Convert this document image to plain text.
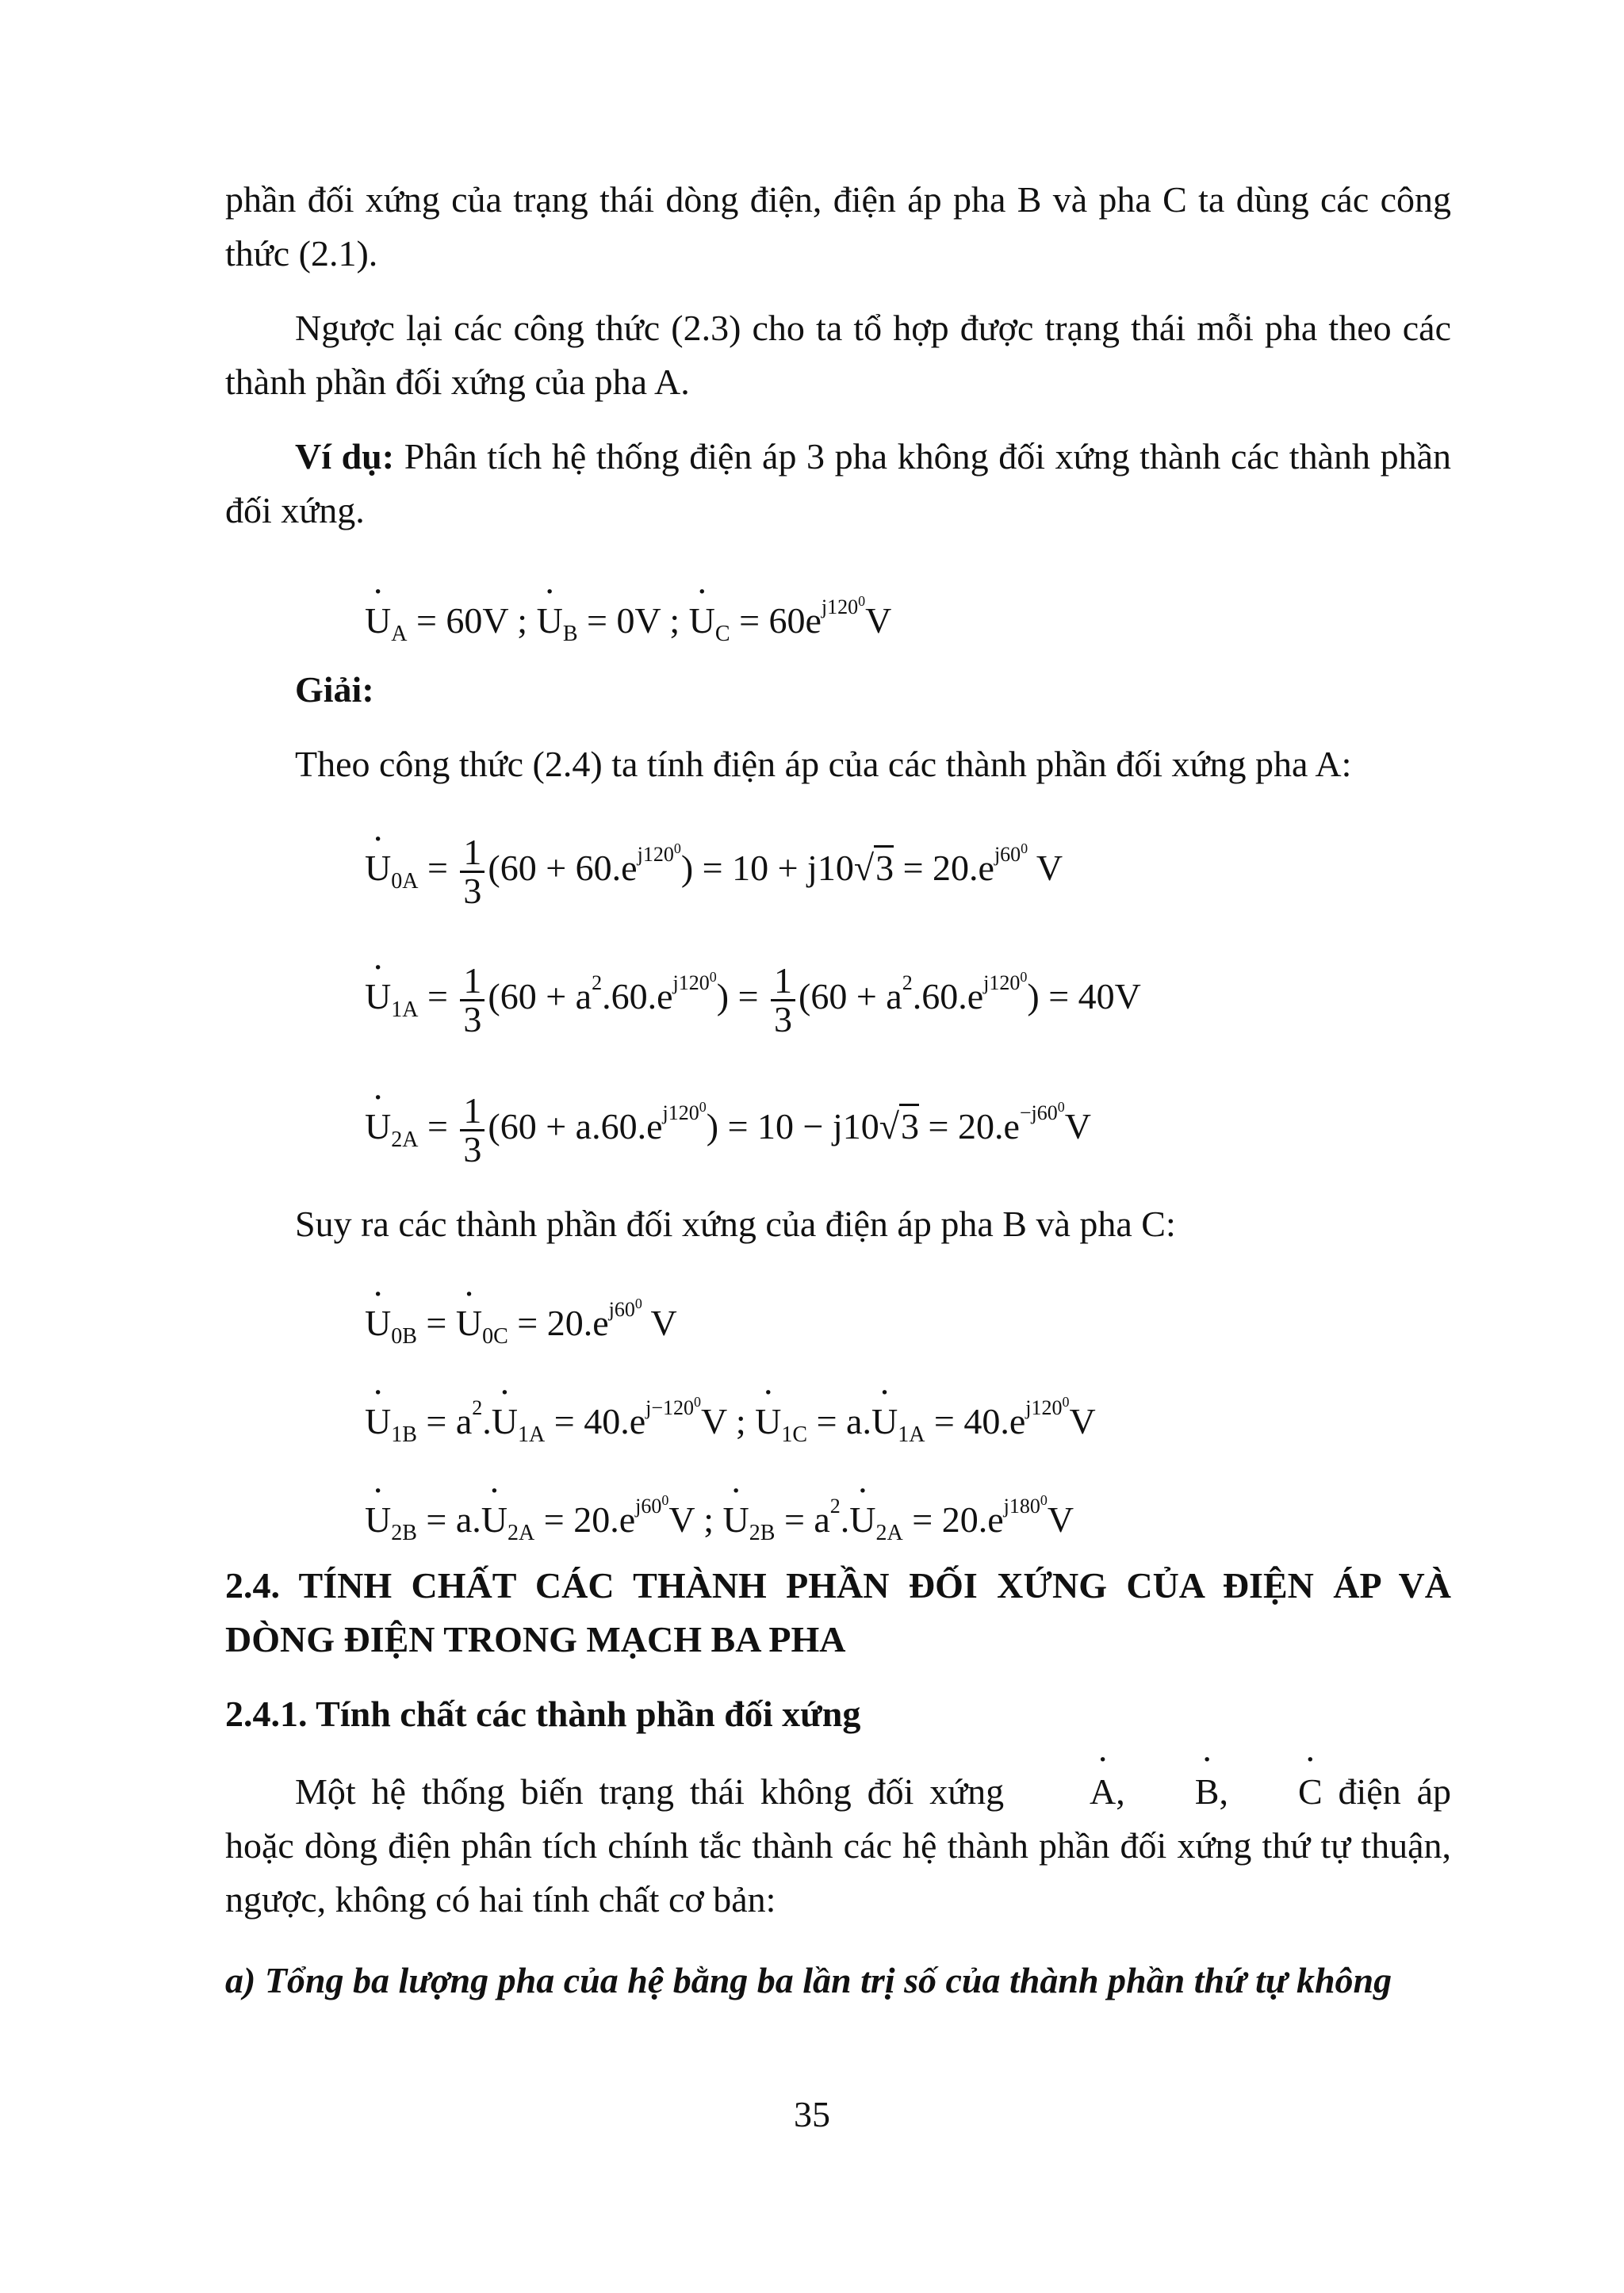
phần đối xứng của trạng thái dòng điện, điện áp pha B và pha C ta dùng các công thức (2.1).

Ngược lại các công thức (2.3) cho ta tổ hợp được trạng thái mỗi pha theo các thành phần đối xứng của pha A.

Ví dụ: Phân tích hệ thống điện áp 3 pha không đối xứng thành các thành phần đối xứng.

· $U_A = 60V$ ; · $U_B = 0V$ ; · $U_C = 60e^{j120^0}V$

Giải:

Theo công thức (2.4) ta tính điện áp của các thành phần đối xứng pha A:

· $U_{0A} = \frac{1}{3} (60 + 60.e^{j120^0}) = 10 + j10√3 = 20.e^{j60^0}$ V
· $U_{1A} = \frac{1}{3} (60 + a^2.60.e^{j120^0}) = \frac{1}{3} (60 + a^2.60.e^{j120^0}) = 40V$
· $U_{2A} = \frac{1}{3} (60 + a.60.e^{j120^0}) = 10 - j10√3 = 20.e^{-j60^0}V$

Suy ra các thành phần đối xứng của điện áp pha B và pha C:

· $U_{0B}$ = · $U_{0C} = 20.e^{j60^0}$ V
· $U_{1B} = a^2.\cdot U_{1A} = 40.e^{j-120^0}V$ ; · $U_{1C} = a.\cdot U_{1A} = 40.e^{j120^0}V$
· $U_{2B} = a.\cdot U_{2A} = 20.e^{j60^0}V$ ; · $U_{2B} = a^2.\cdot U_{2A} = 20.e^{j180^0}V$
2.4. TÍNH CHẤT CÁC THÀNH PHẦN ĐỐI XỨNG CỦA ĐIỆN ÁP VÀ DÒNG ĐIỆN TRONG MẠCH BA PHA
2.4.1. Tính chất các thành phần đối xứng

Một hệ thống biến trạng thái không đối xứng · A, · B, · C điện áp hoặc dòng điện phân tích chính tắc thành các hệ thành phần đối xứng thứ tự thuận, ngược, không có hai tính chất cơ bản:

a) Tổng ba lượng pha của hệ bằng ba lần trị số của thành phần thứ tự không

35
